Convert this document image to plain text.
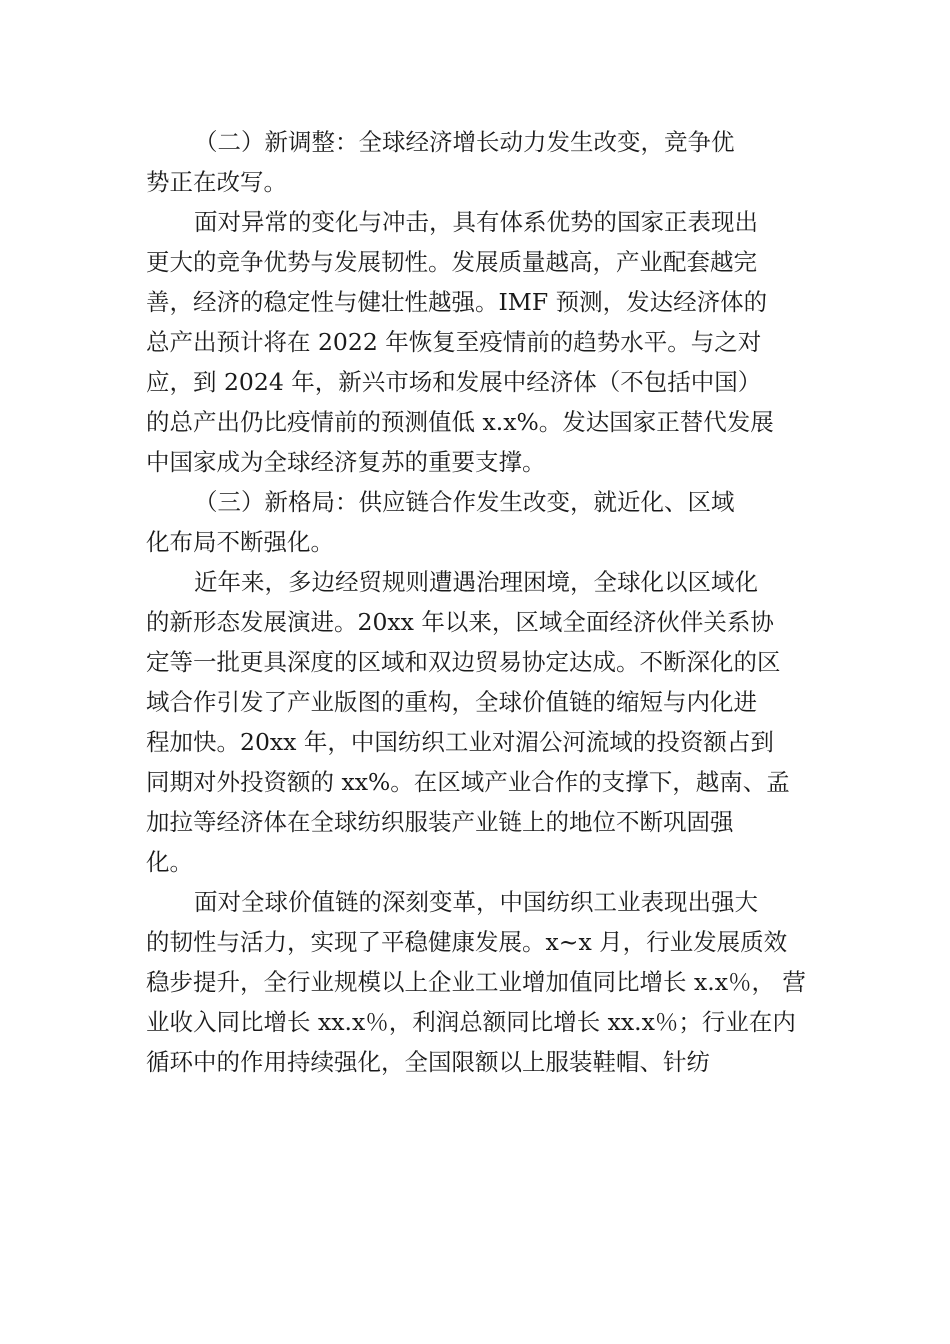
（二）新调整：全球经济增长动力发生改变，竞争优
势正在改写。
面对异常的变化与冲击，具有体系优势的国家正表现出
更大的竞争优势与发展韧性。发展质量越高，产业配套越完
善，经济的稳定性与健壮性越强。IMF 预测，发达经济体的
总产出预计将在 2022 年恢复至疫情前的趋势水平。与之对
应，到 2024 年，新兴市场和发展中经济体（不包括中国）
的总产出仍比疫情前的预测值低 x.x%。发达国家正替代发展
中国家成为全球经济复苏的重要支撑。
（三）新格局：供应链合作发生改变，就近化、区域
化布局不断强化。
近年来，多边经贸规则遭遇治理困境，全球化以区域化
的新形态发展演进。20xx 年以来，区域全面经济伙伴关系协
定等一批更具深度的区域和双边贸易协定达成。不断深化的区
域合作引发了产业版图的重构，全球价值链的缩短与内化进
程加快。20xx 年，中国纺织工业对湄公河流域的投资额占到
同期对外投资额的 xx%。在区域产业合作的支撑下，越南、孟
加拉等经济体在全球纺织服装产业链上的地位不断巩固强
化。
面对全球价值链的深刻变革，中国纺织工业表现出强大
的韧性与活力，实现了平稳健康发展。x~x 月，行业发展质效
稳步提升，全行业规模以上企业工业增加值同比增长 x.x％， 营
业收入同比增长 xx.x％，利润总额同比增长 xx.x％；行业在内
循环中的作用持续强化，全国限额以上服装鞋帽、针纺
